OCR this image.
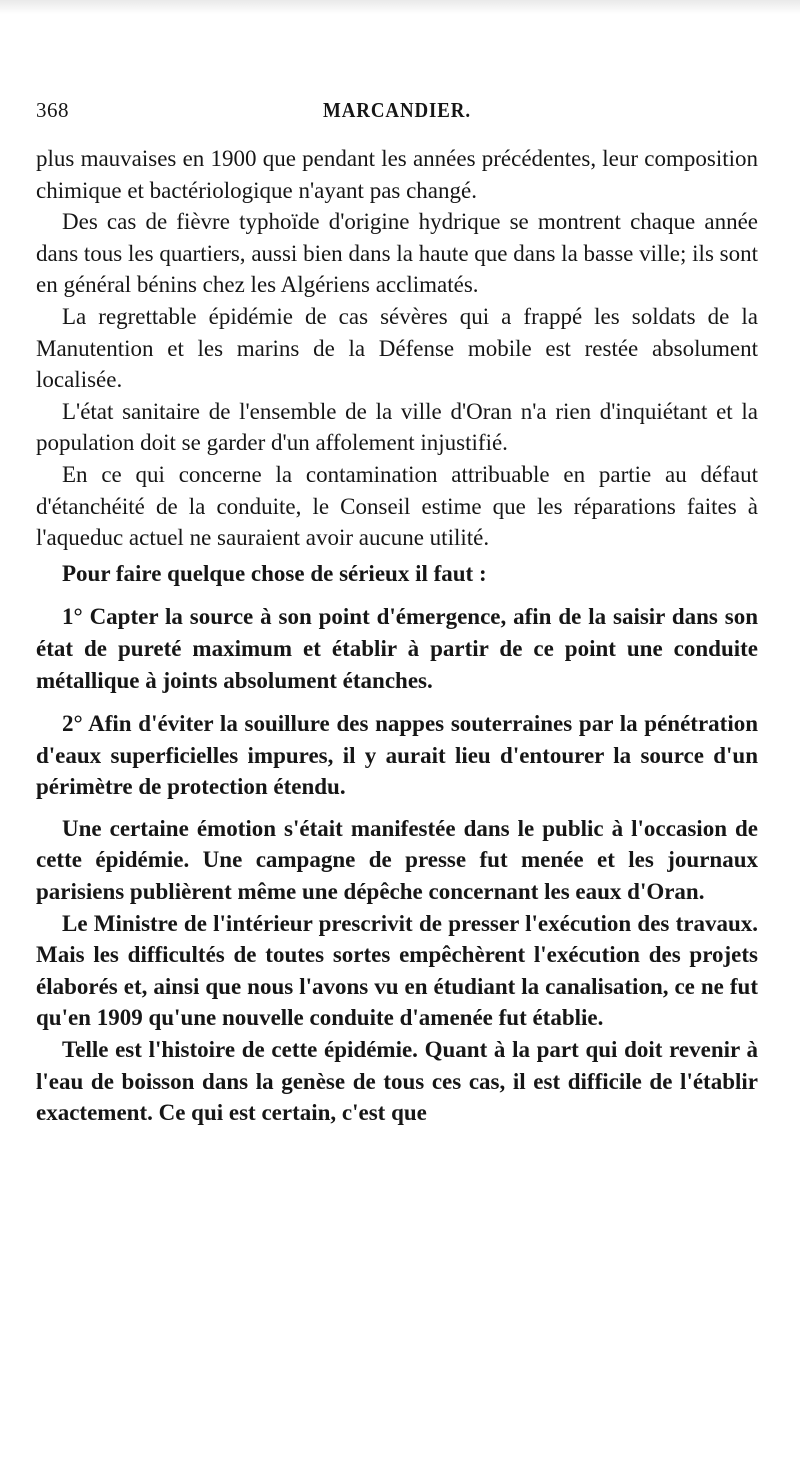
368	MARCANDIER.

plus mauvaises en 1900 que pendant les années précédentes, leur composition chimique et bactériologique n'ayant pas changé.

Des cas de fièvre typhoïde d'origine hydrique se montrent chaque année dans tous les quartiers, aussi bien dans la haute que dans la basse ville; ils sont en général bénins chez les Algériens acclimatés.

La regrettable épidémie de cas sévères qui a frappé les soldats de la Manutention et les marins de la Défense mobile est restée absolument localisée.

L'état sanitaire de l'ensemble de la ville d'Oran n'a rien d'inquiétant et la population doit se garder d'un affolement injustifié.

En ce qui concerne la contamination attribuable en partie au défaut d'étanchéité de la conduite, le Conseil estime que les réparations faites à l'aqueduc actuel ne sauraient avoir aucune utilité.

Pour faire quelque chose de sérieux il faut :

1° Capter la source à son point d'émergence, afin de la saisir dans son état de pureté maximum et établir à partir de ce point une conduite métallique à joints absolument étanches.

2° Afin d'éviter la souillure des nappes souterraines par la pénétration d'eaux superficielles impures, il y aurait lieu d'entourer la source d'un périmètre de protection étendu.

Une certaine émotion s'était manifestée dans le public à l'occasion de cette épidémie. Une campagne de presse fut menée et les journaux parisiens publièrent même une dépêche concernant les eaux d'Oran.

Le Ministre de l'intérieur prescrivit de presser l'exécution des travaux. Mais les difficultés de toutes sortes empêchèrent l'exécution des projets élaborés et, ainsi que nous l'avons vu en étudiant la canalisation, ce ne fut qu'en 1909 qu'une nouvelle conduite d'amenée fut établie.

Telle est l'histoire de cette épidémie. Quant à la part qui doit revenir à l'eau de boisson dans la genèse de tous ces cas, il est difficile de l'établir exactement. Ce qui est certain, c'est que
